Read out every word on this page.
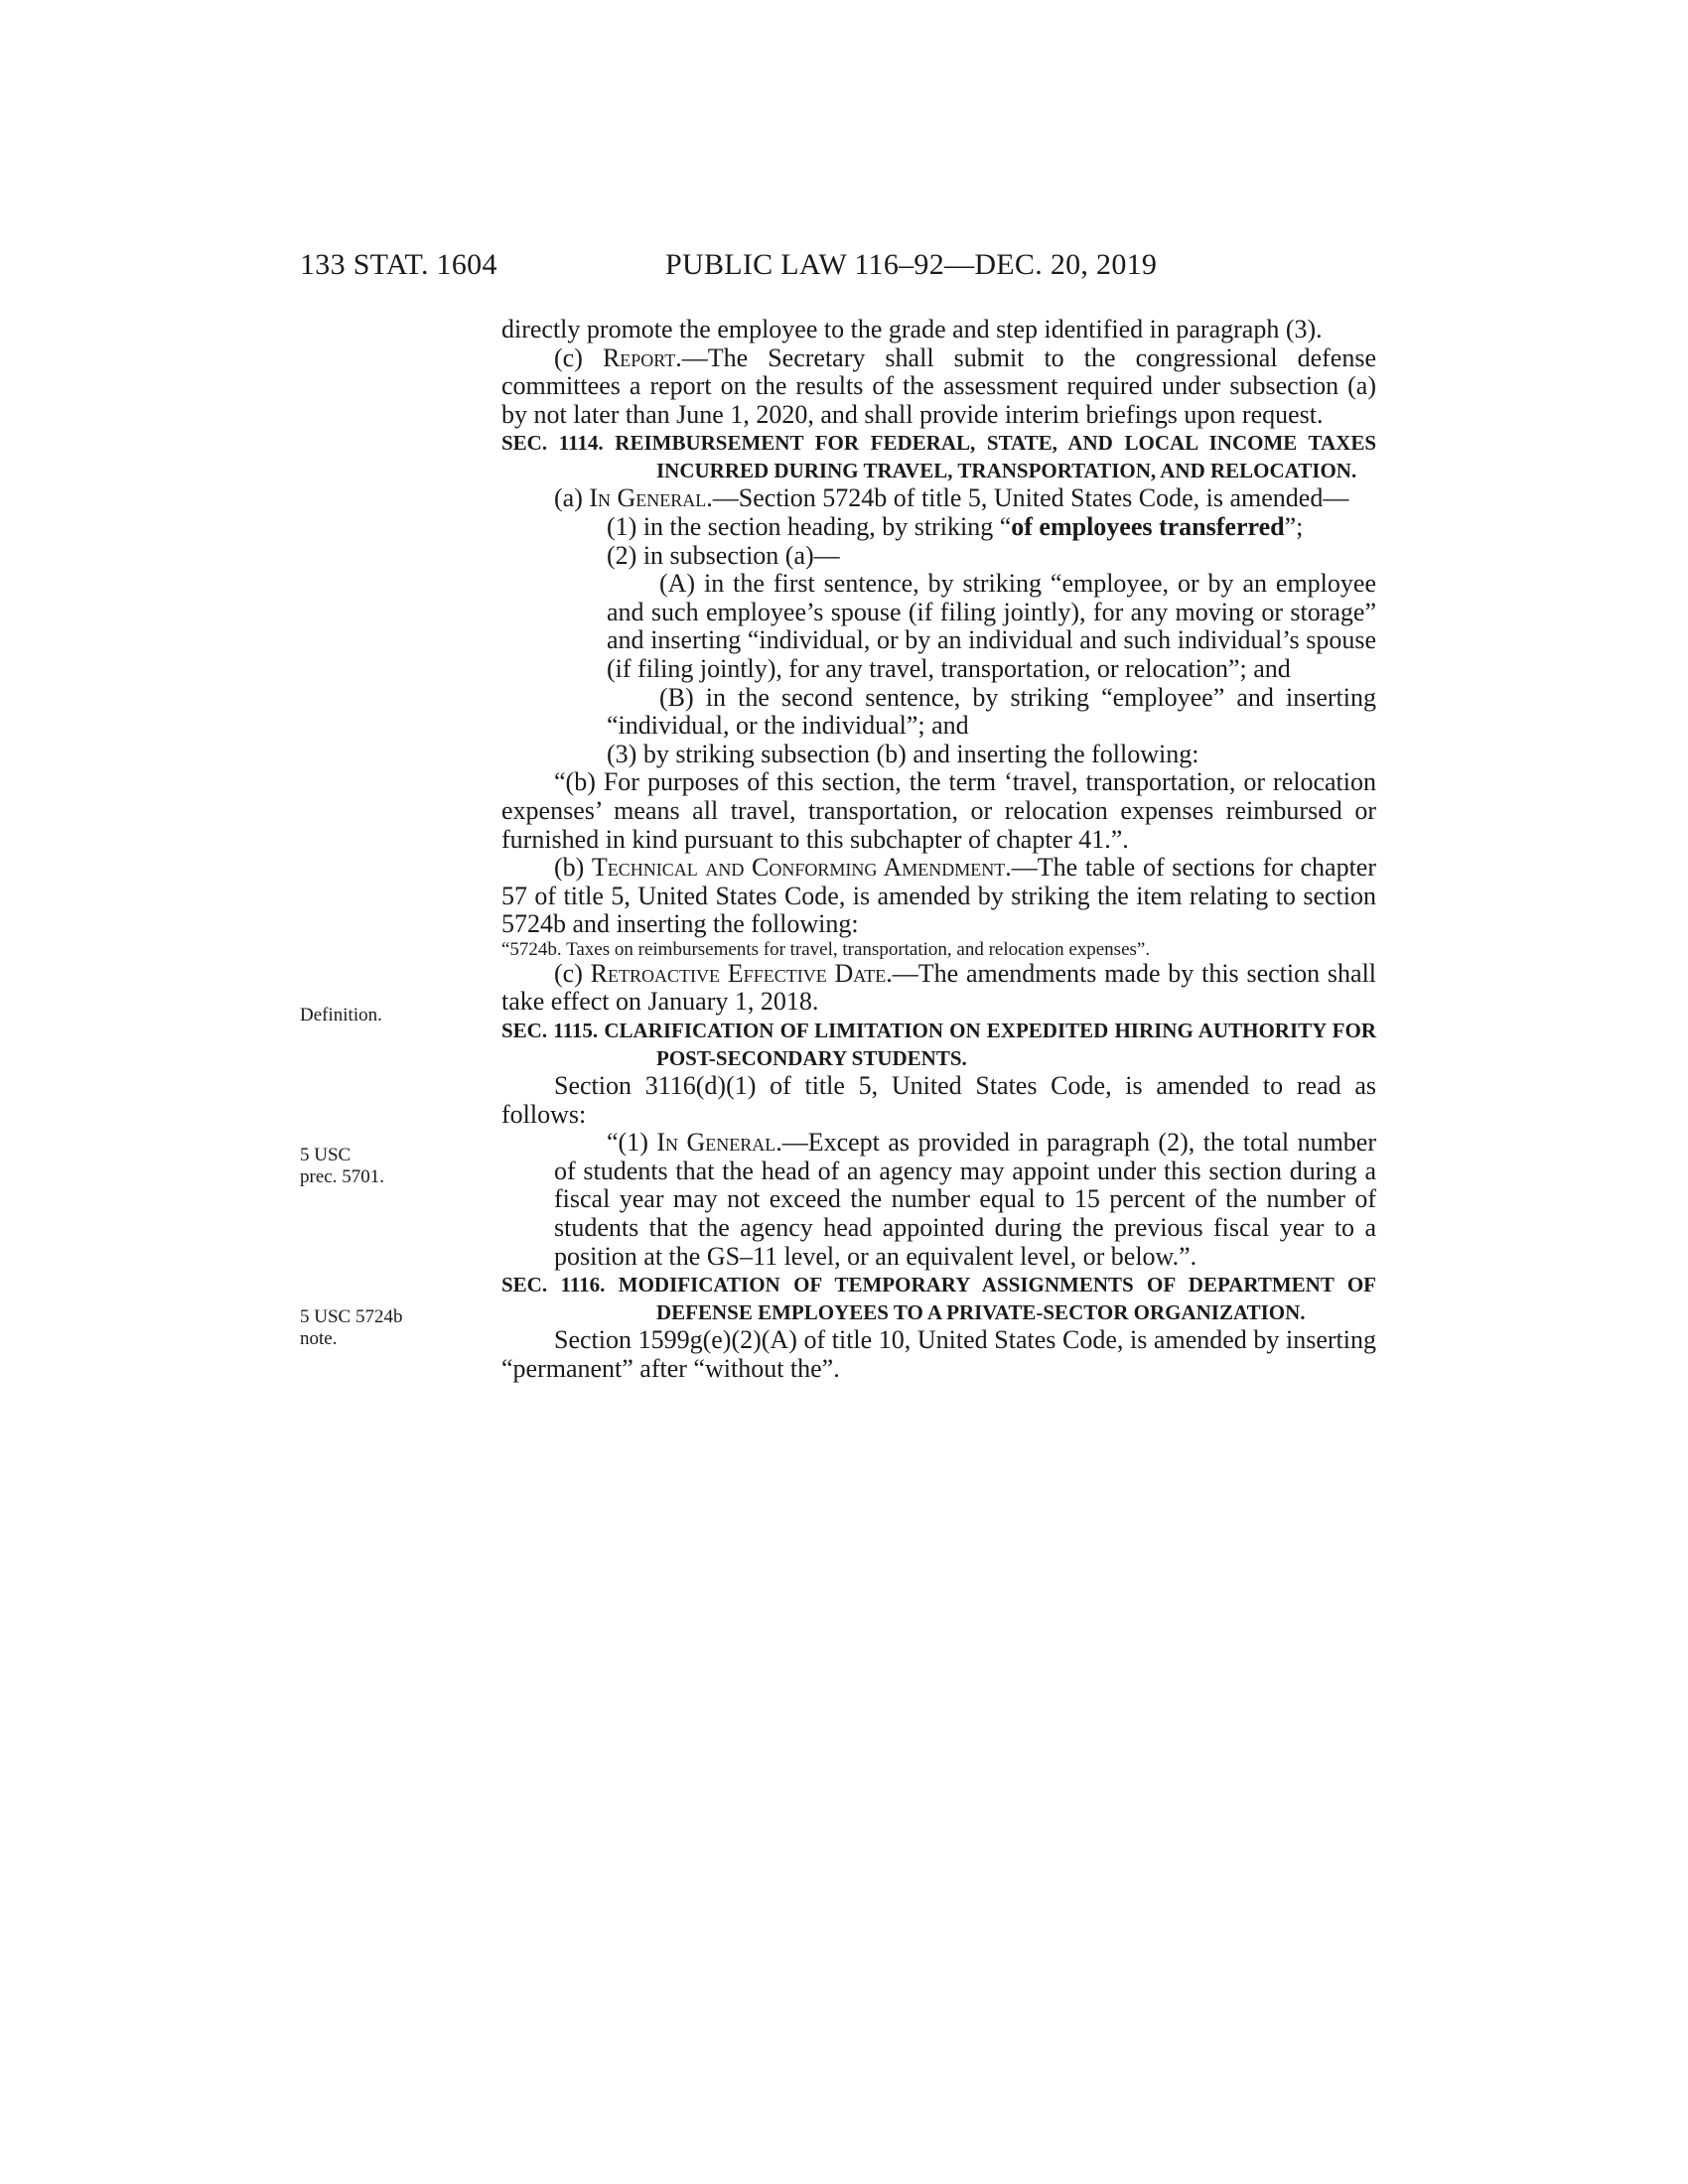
133 STAT. 1604	PUBLIC LAW 116–92—DEC. 20, 2019
Definition.
5 USC
prec. 5701.
5 USC 5724b
note.

directly promote the employee to the grade and step identified in paragraph (3).

(c) Report.—The Secretary shall submit to the congressional defense committees a report on the results of the assessment required under subsection (a) by not later than June 1, 2020, and shall provide interim briefings upon request.

SEC. 1114. REIMBURSEMENT FOR FEDERAL, STATE, AND LOCAL INCOME TAXES INCURRED DURING TRAVEL, TRANSPORTATION, AND RELOCATION.

(a) In General.—Section 5724b of title 5, United States Code, is amended—

(1) in the section heading, by striking “of employees transferred”;

(2) in subsection (a)—

(A) in the first sentence, by striking “employee, or by an employee and such employee’s spouse (if filing jointly), for any moving or storage” and inserting “individual, or by an individual and such individual’s spouse (if filing jointly), for any travel, transportation, or relocation”; and

(B) in the second sentence, by striking “employee” and inserting “individual, or the individual”; and

(3) by striking subsection (b) and inserting the following:

“(b) For purposes of this section, the term ‘travel, transportation, or relocation expenses’ means all travel, transportation, or relocation expenses reimbursed or furnished in kind pursuant to this subchapter of chapter 41.”.

(b) Technical and Conforming Amendment.—The table of sections for chapter 57 of title 5, United States Code, is amended by striking the item relating to section 5724b and inserting the following:

“5724b. Taxes on reimbursements for travel, transportation, and relocation expenses”.

(c) Retroactive Effective Date.—The amendments made by this section shall take effect on January 1, 2018.

SEC. 1115. CLARIFICATION OF LIMITATION ON EXPEDITED HIRING AUTHORITY FOR POST-SECONDARY STUDENTS.

Section 3116(d)(1) of title 5, United States Code, is amended to read as follows:

“(1) In General.—Except as provided in paragraph (2), the total number of students that the head of an agency may appoint under this section during a fiscal year may not exceed the number equal to 15 percent of the number of students that the agency head appointed during the previous fiscal year to a position at the GS–11 level, or an equivalent level, or below.”.

SEC. 1116. MODIFICATION OF TEMPORARY ASSIGNMENTS OF DEPARTMENT OF DEFENSE EMPLOYEES TO A PRIVATE-SECTOR ORGANIZATION.

Section 1599g(e)(2)(A) of title 10, United States Code, is amended by inserting “permanent” after “without the”.
